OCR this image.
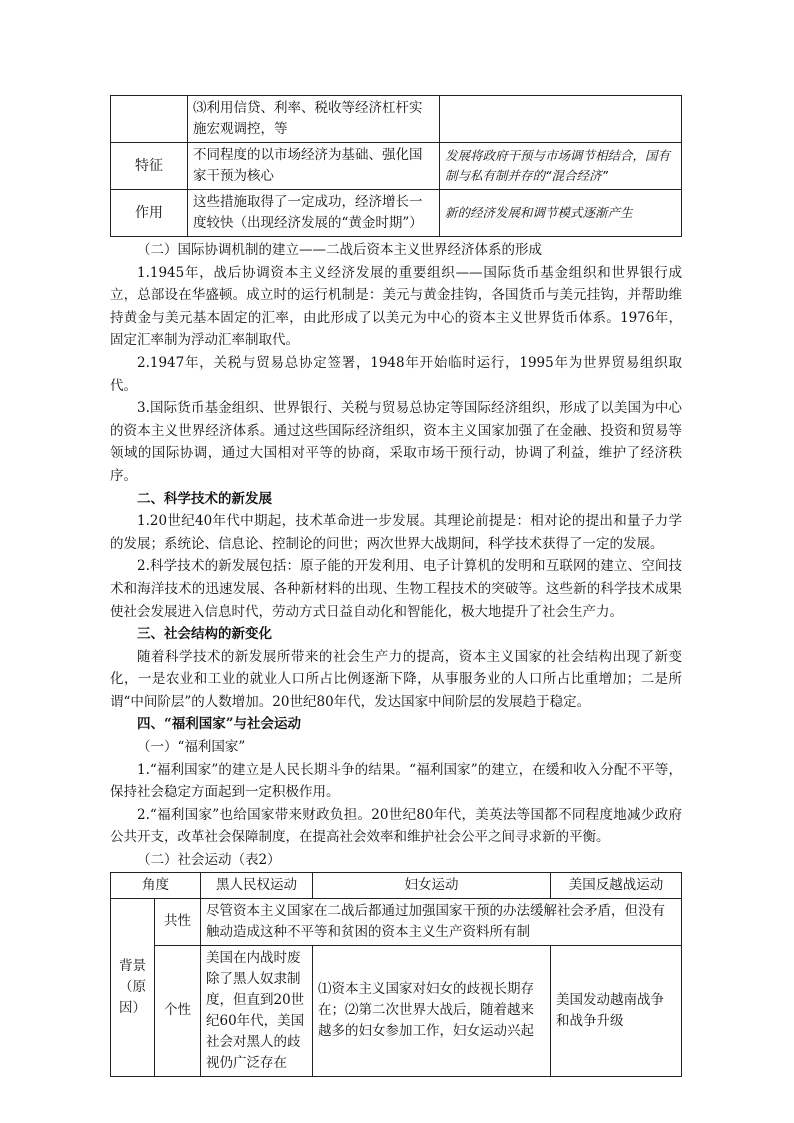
	⑶利用信贷、利率、税收等经济杠杆实施宏观调控，等	
特征	不同程度的以市场经济为基础、强化国家干预为核心	发展将政府干预与市场调节相结合，国有制与私有制并存的“混合经济”
作用	这些措施取得了一定成功，经济增长一度较快（出现经济发展的“黄金时期”）	新的经济发展和调节模式逐渐产生

（二）国际协调机制的建立——二战后资本主义世界经济体系的形成

1.1945年，战后协调资本主义经济发展的重要组织——国际货币基金组织和世界银行成立，总部设在华盛顿。成立时的运行机制是：美元与黄金挂钩，各国货币与美元挂钩，并帮助维持黄金与美元基本固定的汇率，由此形成了以美元为中心的资本主义世界货币体系。1976年，固定汇率制为浮动汇率制取代。

2.1947年，关税与贸易总协定签署，1948年开始临时运行，1995年为世界贸易组织取代。

3.国际货币基金组织、世界银行、关税与贸易总协定等国际经济组织，形成了以美国为中心的资本主义世界经济体系。通过这些国际经济组织，资本主义国家加强了在金融、投资和贸易等领域的国际协调，通过大国相对平等的协商，采取市场干预行动，协调了利益，维护了经济秩序。

二、科学技术的新发展

1.20世纪40年代中期起，技术革命进一步发展。其理论前提是：相对论的提出和量子力学的发展；系统论、信息论、控制论的问世；两次世界大战期间，科学技术获得了一定的发展。

2.科学技术的新发展包括：原子能的开发利用、电子计算机的发明和互联网的建立、空间技术和海洋技术的迅速发展、各种新材料的出现、生物工程技术的突破等。这些新的科学技术成果使社会发展进入信息时代，劳动方式日益自动化和智能化，极大地提升了社会生产力。

三、社会结构的新变化

随着科学技术的新发展所带来的社会生产力的提高，资本主义国家的社会结构出现了新变化，一是农业和工业的就业人口所占比例逐渐下降，从事服务业的人口所占比重增加；二是所谓“中间阶层”的人数增加。20世纪80年代，发达国家中间阶层的发展趋于稳定。

四、“福利国家”与社会运动

（一）“福利国家”

1.“福利国家”的建立是人民长期斗争的结果。“福利国家”的建立，在缓和收入分配不平等，保持社会稳定方面起到一定积极作用。

2.“福利国家”也给国家带来财政负担。20世纪80年代，美英法等国都不同程度地减少政府公共开支，改革社会保障制度，在提高社会效率和维护社会公平之间寻求新的平衡。

（二）社会运动（表2）

角度		黑人民权运动	妇女运动	美国反越战运动
背景（原因）	共性	尽管资本主义国家在二战后都通过加强国家干预的办法缓解社会矛盾，但没有触动造成这种不平等和贫困的资本主义生产资料所有制		
	个性	美国在内战时废除了黑人奴隶制度，但直到20世纪60年代，美国社会对黑人的歧视仍广泛存在	⑴资本主义国家对妇女的歧视长期存在；⑵第二次世界大战后，随着越来越多的妇女参加工作，妇女运动兴起	美国发动越南战争和战争升级
